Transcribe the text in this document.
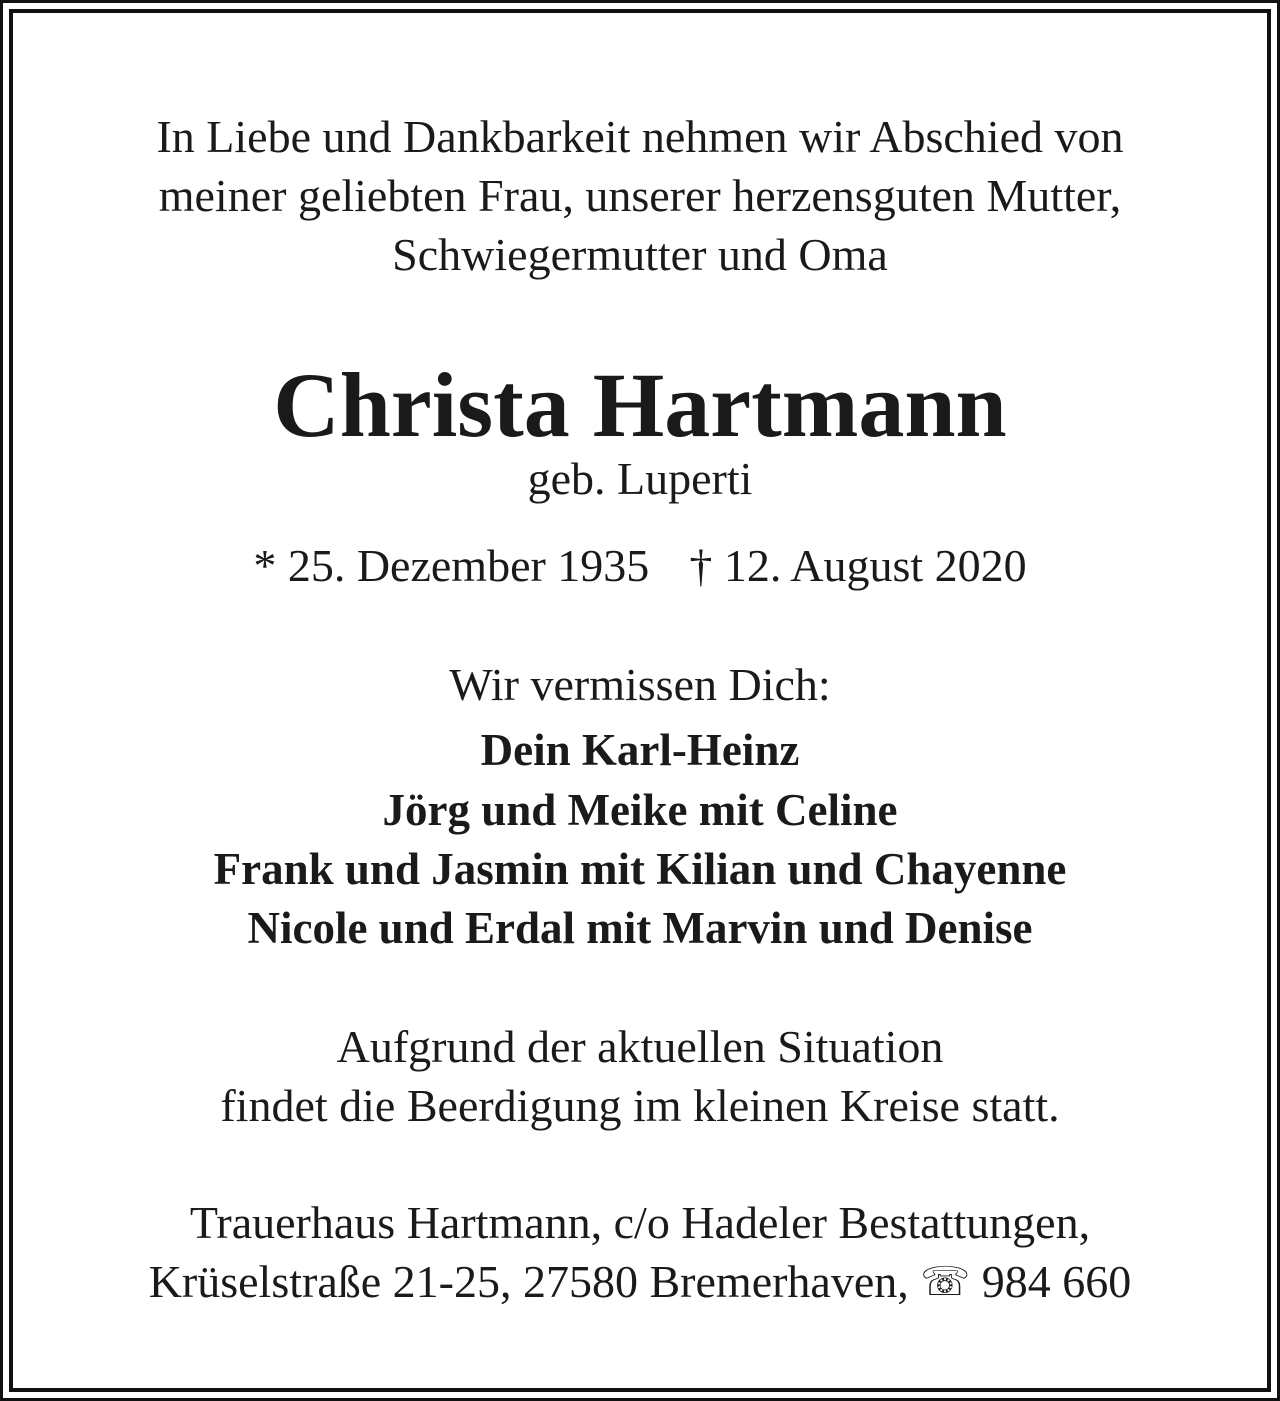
In Liebe und Dankbarkeit nehmen wir Abschied von
meiner geliebten Frau, unserer herzensguten Mutter,
Schwiegermutter und Oma
Christa Hartmann
geb. Luperti
* 25. Dezember 1935 † 12. August 2020
Wir vermissen Dich:
Dein Karl-Heinz
Jörg und Meike mit Celine
Frank und Jasmin mit Kilian und Chayenne
Nicole und Erdal mit Marvin und Denise
Aufgrund der aktuellen Situation
findet die Beerdigung im kleinen Kreise statt.
Trauerhaus Hartmann, c/o Hadeler Bestattungen,
Krüselstraße 21-25, 27580 Bremerhaven, ☏ 984 660
